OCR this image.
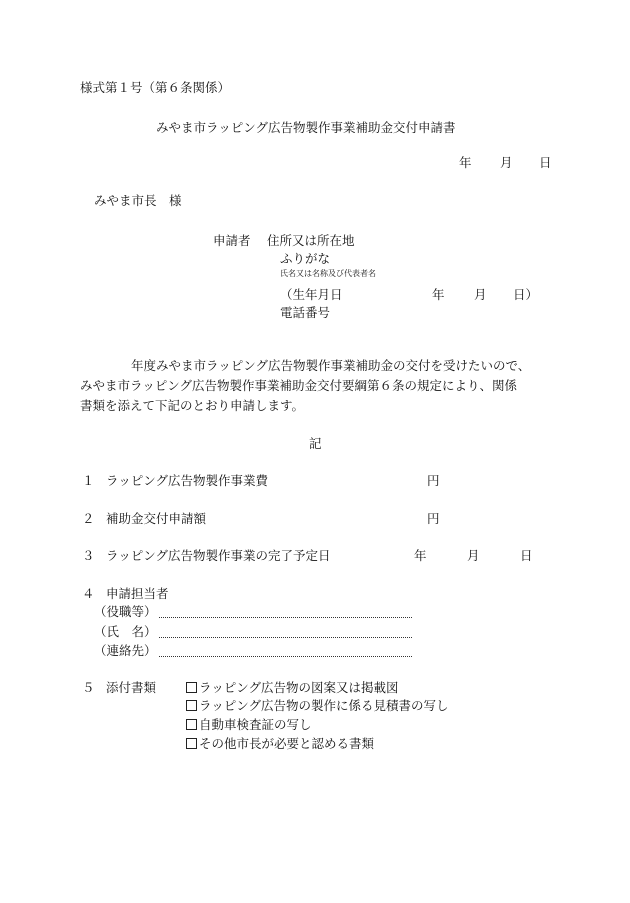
様式第１号（第６条関係）
みやま市ラッピング広告物製作事業補助金交付申請書
年 月 日
みやま市長　様
申請者 住所又は所在地
ふりがな
氏名又は名称及び代表者名
（生年月日	年 月 日）
電話番号
年度みやま市ラッピング広告物製作事業補助金の交付を受けたいので、
みやま市ラッピング広告物製作事業補助金交付要綱第６条の規定により、関係
書類を添えて下記のとおり申請します。
記
１ ラッピング広告物製作事業費	円
２ 補助金交付申請額	円
３ ラッピング広告物製作事業の完了予定日	年	月	日
４ 申請担当者
（役職等）
（氏　名）
（連絡先）
５ 添付書類	ラッピング広告物の図案又は掲載図
ラッピング広告物の製作に係る見積書の写し
自動車検査証の写し
その他市長が必要と認める書類
